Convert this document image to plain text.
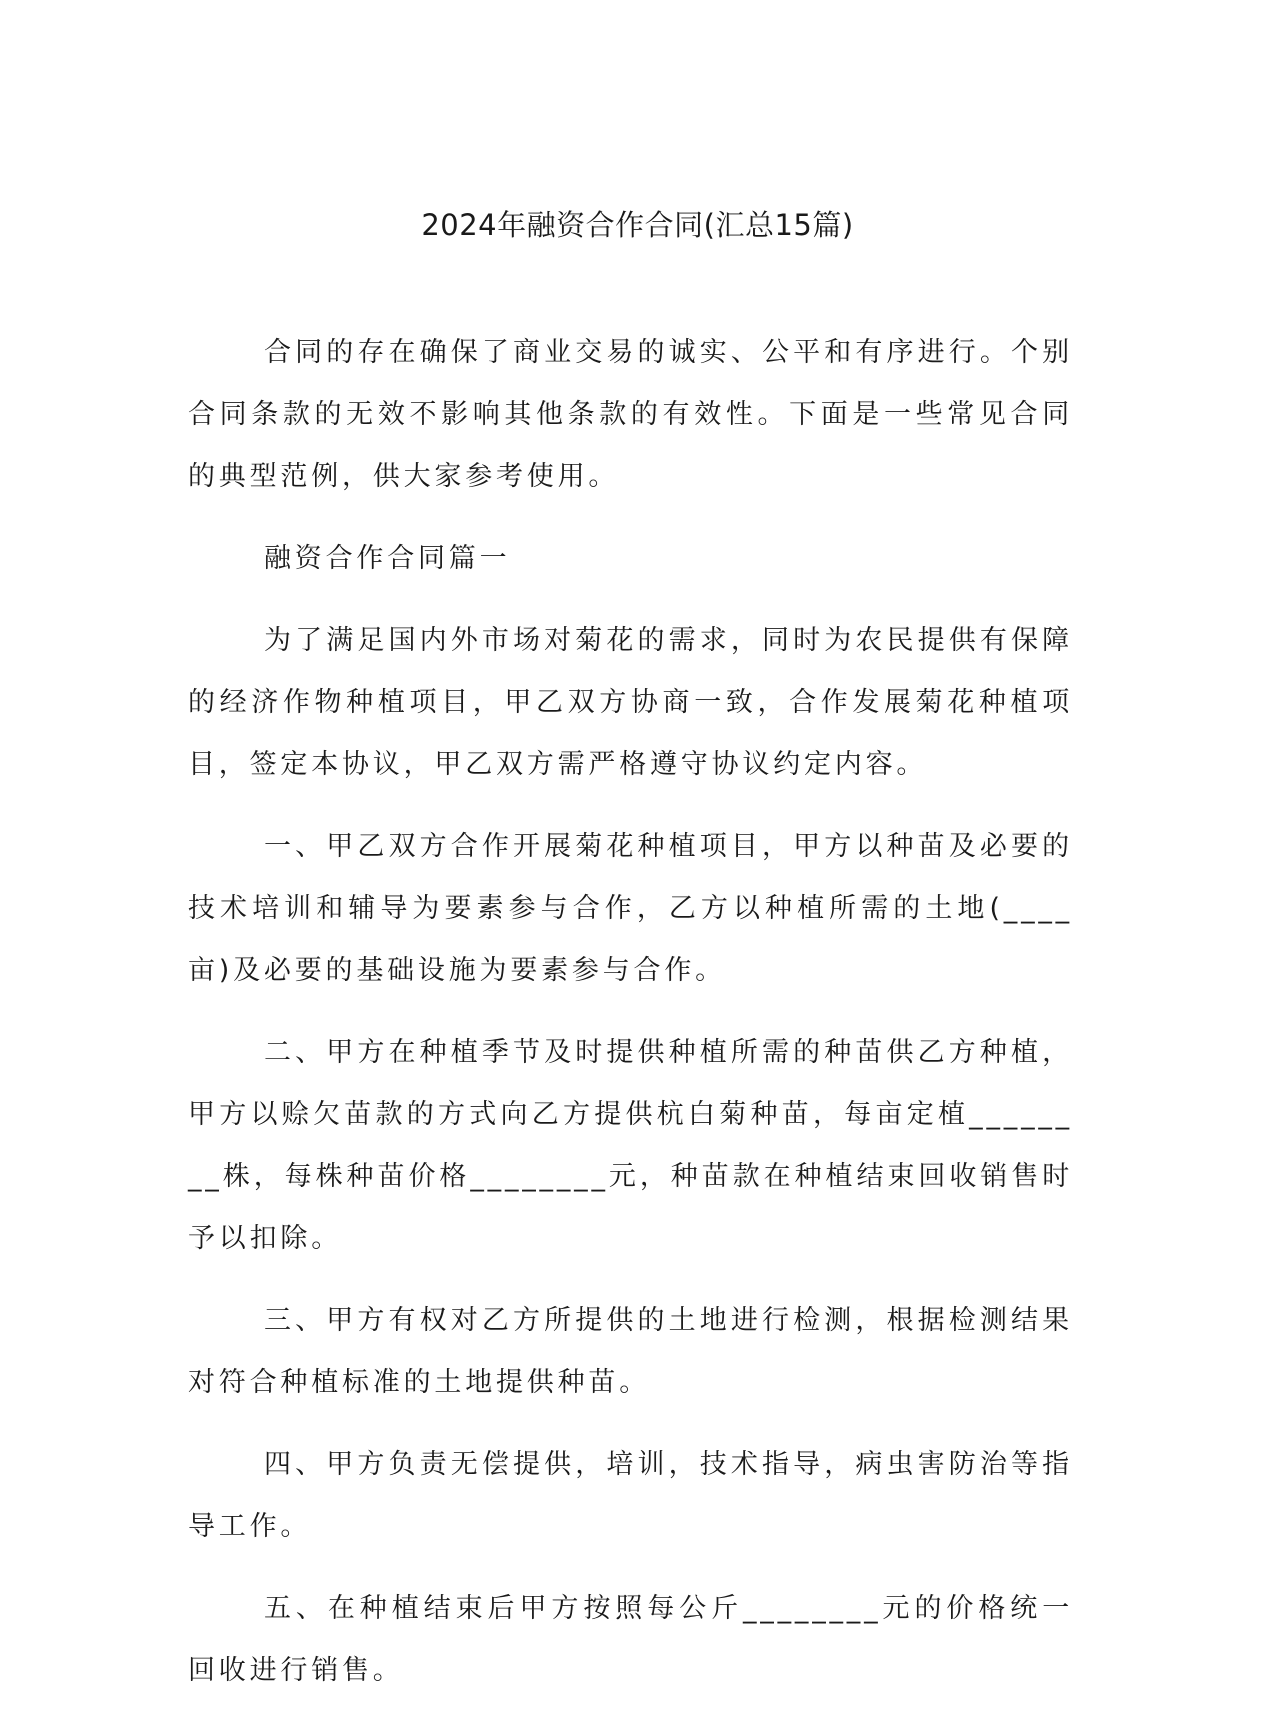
2024年融资合作合同(汇总15篇)

合同的存在确保了商业交易的诚实、公平和有序进行。个别合同条款的无效不影响其他条款的有效性。下面是一些常见合同的典型范例，供大家参考使用。

融资合作合同篇一

为了满足国内外市场对菊花的需求，同时为农民提供有保障的经济作物种植项目，甲乙双方协商一致，合作发展菊花种植项目，签定本协议，甲乙双方需严格遵守协议约定内容。

一、甲乙双方合作开展菊花种植项目，甲方以种苗及必要的技术培训和辅导为要素参与合作，乙方以种植所需的土地(____亩)及必要的基础设施为要素参与合作。

二、甲方在种植季节及时提供种植所需的种苗供乙方种植，甲方以赊欠苗款的方式向乙方提供杭白菊种苗，每亩定植________株，每株种苗价格________元，种苗款在种植结束回收销售时予以扣除。

三、甲方有权对乙方所提供的土地进行检测，根据检测结果对符合种植标准的土地提供种苗。

四、甲方负责无偿提供，培训，技术指导，病虫害防治等指导工作。

五、在种植结束后甲方按照每公斤________元的价格统一回收进行销售。
